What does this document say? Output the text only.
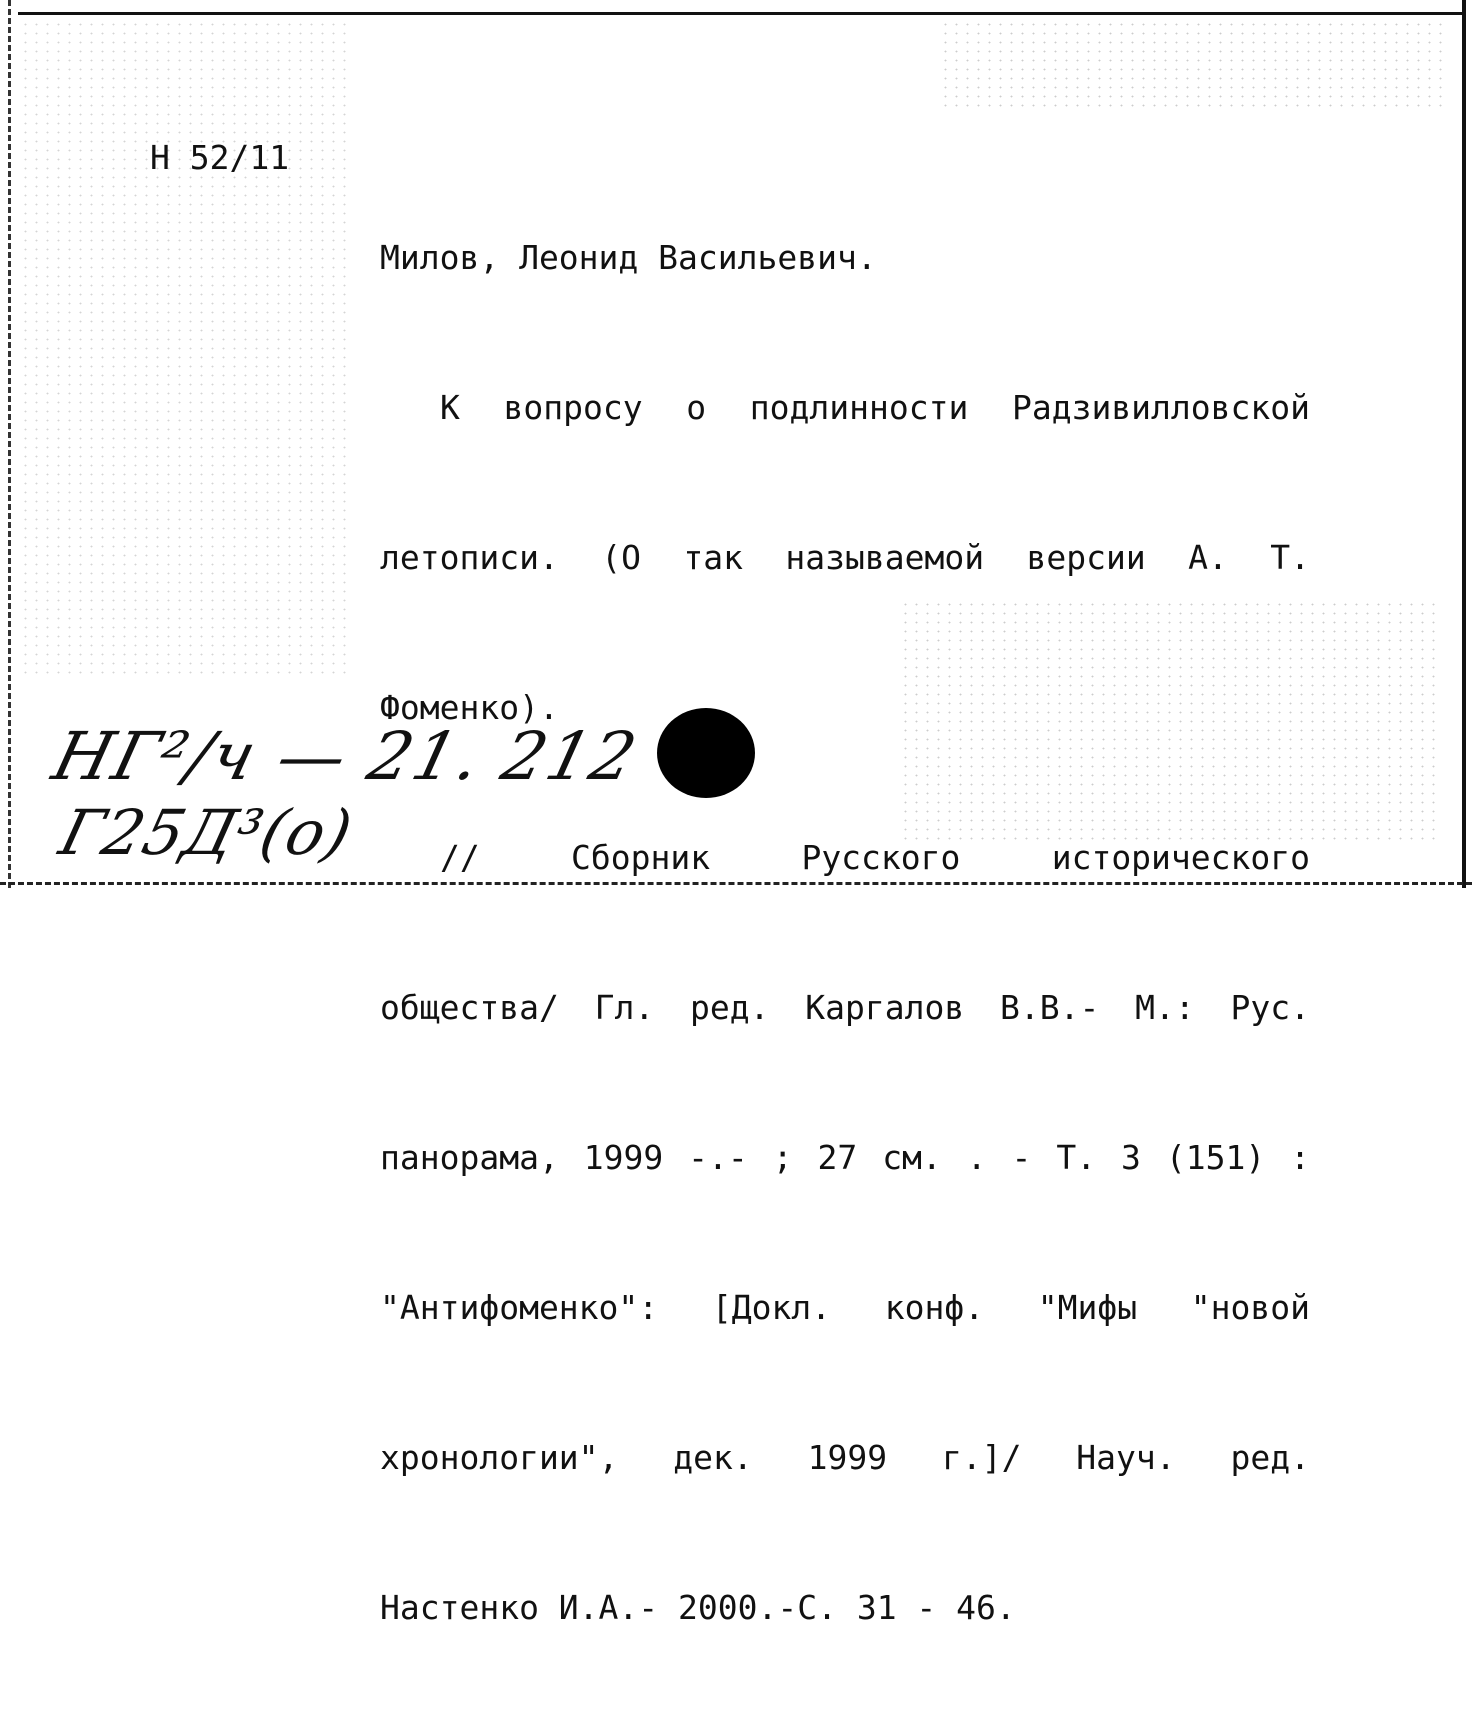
Н 52/11

Милов, Леонид Васильевич.

К вопросу о подлинности Радзивилловской

летописи. (О так называемой версии А. Т.

Фоменко).

// Сборник Русского исторического

общества/ Гл. ред. Каргалов В.В.- М.: Рус.

панорама, 1999 -.- ; 27 см. . - Т. 3 (151) :

"Антифоменко": [Докл. конф. "Мифы "новой

хронологии", дек. 1999 г.]/ Науч. ред.

Настенко И.А.- 2000.-С. 31 - 46.

НГ²/ч — 21. 212
Г25Д³(о)
